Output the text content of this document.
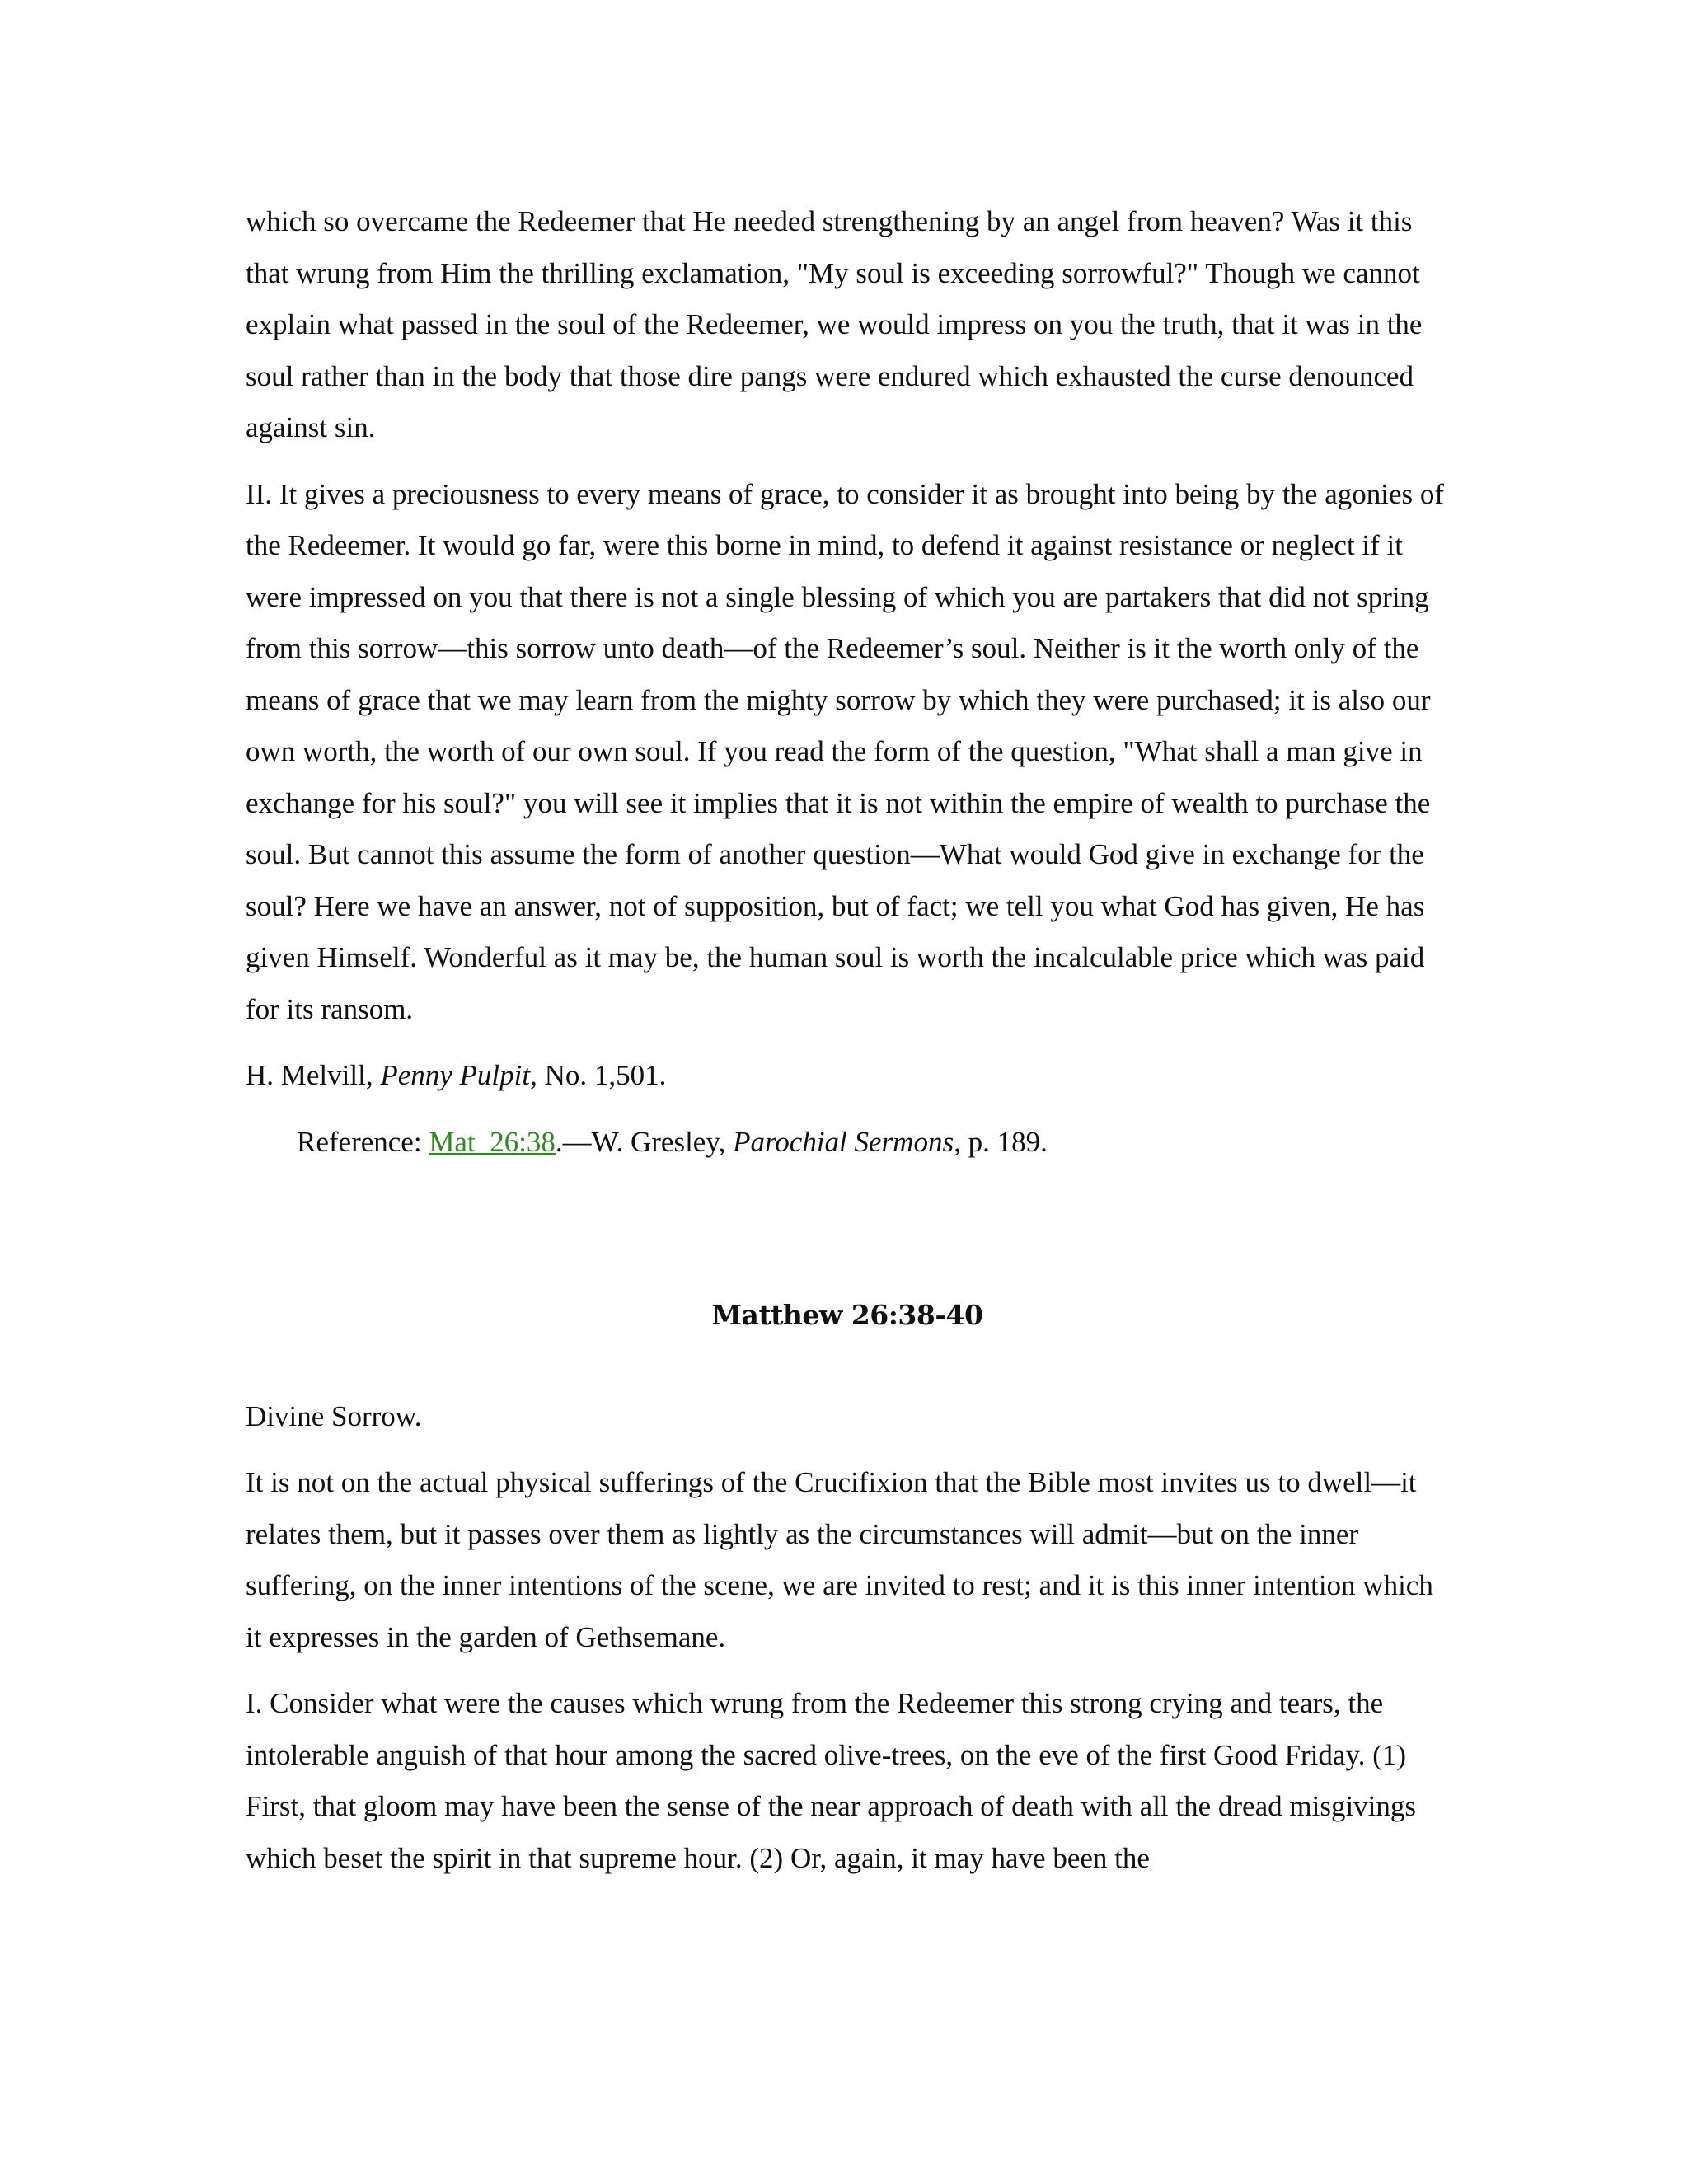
which so overcame the Redeemer that He needed strengthening by an angel from heaven? Was it this that wrung from Him the thrilling exclamation, "My soul is exceeding sorrowful?" Though we cannot explain what passed in the soul of the Redeemer, we would impress on you the truth, that it was in the soul rather than in the body that those dire pangs were endured which exhausted the curse denounced against sin.

II. It gives a preciousness to every means of grace, to consider it as brought into being by the agonies of the Redeemer. It would go far, were this borne in mind, to defend it against resistance or neglect if it were impressed on you that there is not a single blessing of which you are partakers that did not spring from this sorrow—this sorrow unto death—of the Redeemer’s soul. Neither is it the worth only of the means of grace that we may learn from the mighty sorrow by which they were purchased; it is also our own worth, the worth of our own soul. If you read the form of the question, "What shall a man give in exchange for his soul?" you will see it implies that it is not within the empire of wealth to purchase the soul. But cannot this assume the form of another question—What would God give in exchange for the soul? Here we have an answer, not of supposition, but of fact; we tell you what God has given, He has given Himself. Wonderful as it may be, the human soul is worth the incalculable price which was paid for its ransom.

H. Melvill, Penny Pulpit, No. 1,501.

Reference: Mat_26:38.—W. Gresley, Parochial Sermons, p. 189.

Matthew 26:38-40

Divine Sorrow.

It is not on the actual physical sufferings of the Crucifixion that the Bible most invites us to dwell—it relates them, but it passes over them as lightly as the circumstances will admit—but on the inner suffering, on the inner intentions of the scene, we are invited to rest; and it is this inner intention which it expresses in the garden of Gethsemane.

I. Consider what were the causes which wrung from the Redeemer this strong crying and tears, the intolerable anguish of that hour among the sacred olive-trees, on the eve of the first Good Friday. (1) First, that gloom may have been the sense of the near approach of death with all the dread misgivings which beset the spirit in that supreme hour. (2) Or, again, it may have been the
